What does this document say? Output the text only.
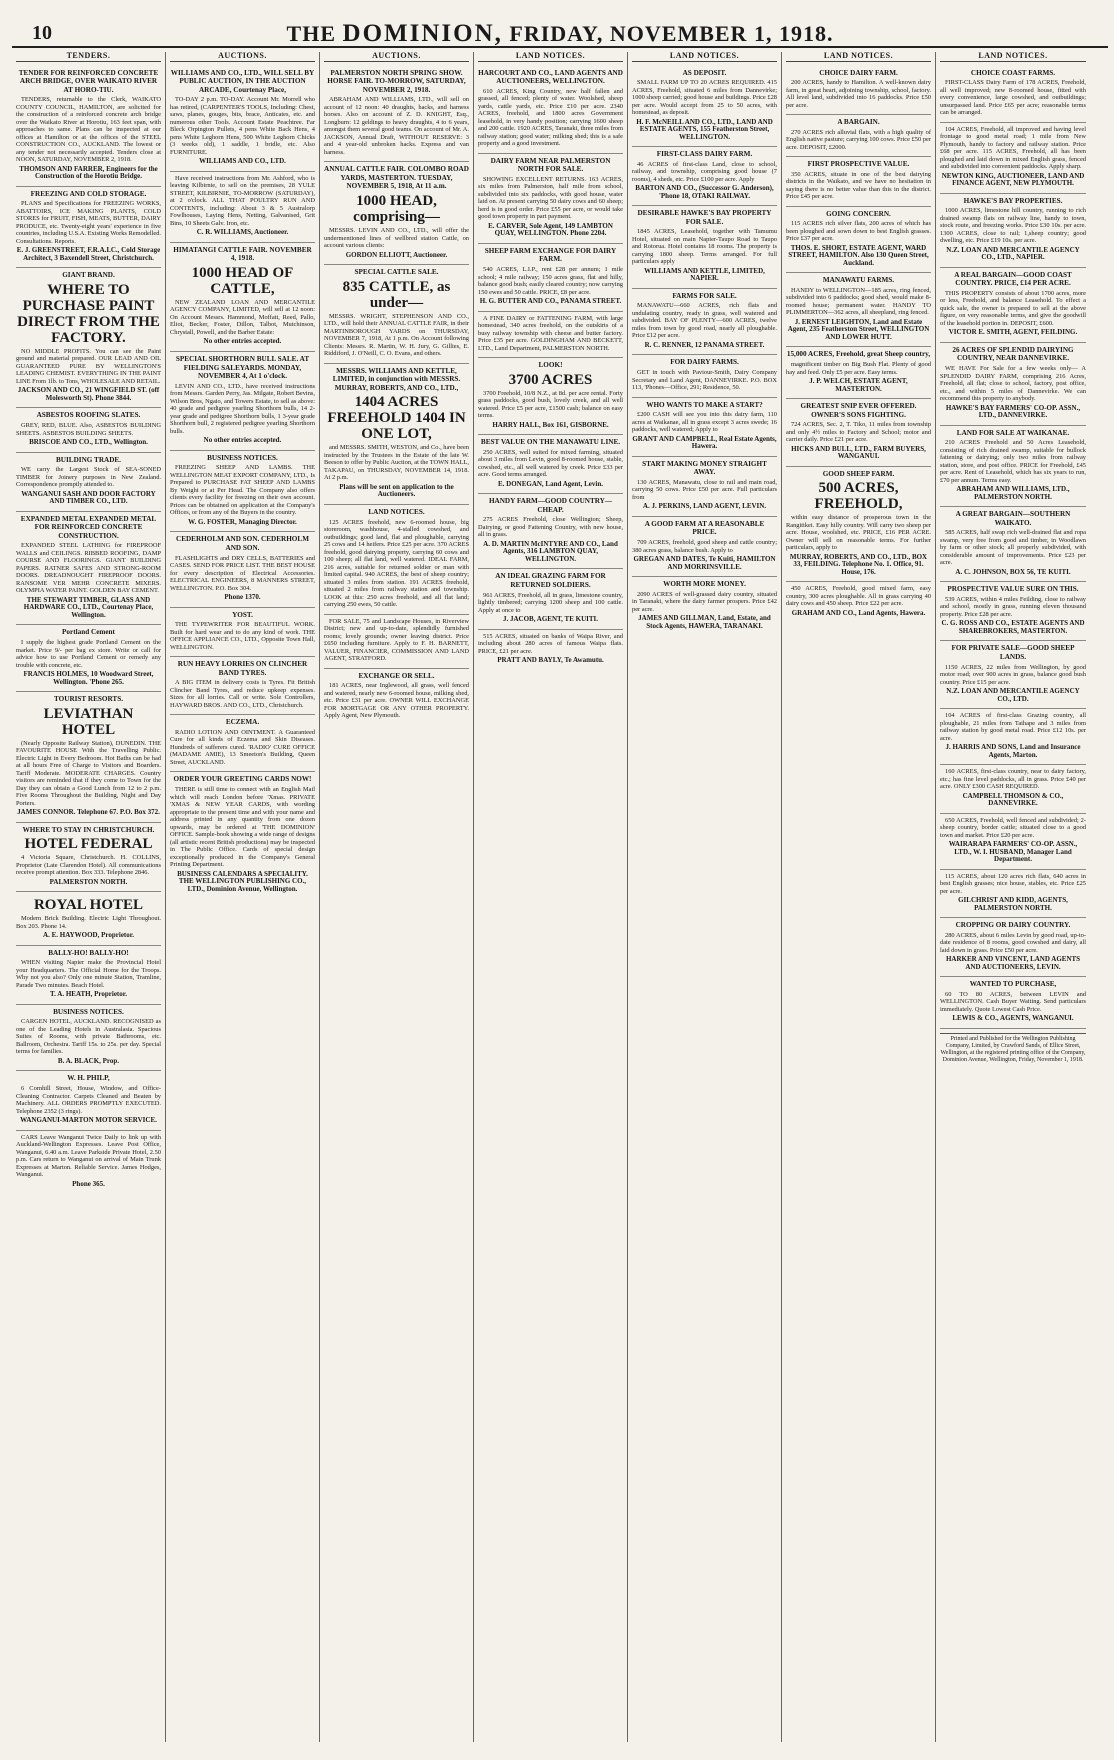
10	THE DOMINION, FRIDAY, NOVEMBER 1, 1918.
TENDERS.
TENDER FOR REINFORCED CONCRETE ARCH BRIDGE, OVER WAIKATO RIVER AT HORO-TIU.
TENDERS, returnable to the Clerk, WAIKATO COUNTY COUNCIL, HAMILTON, are solicited for the construction of a reinforced concrete arch bridge over the Waikato River at Horotiu, 163 feet span, with approaches to same. Plans can be inspected at our offices at Hamilton or at the offices of the STEEL CONSTRUCTION CO., AUCKLAND. The lowest or any tender not necessarily accepted. Tenders close at NOON, SATURDAY, NOVEMBER 2, 1918.
THOMSON AND FARRER, Engineers for the Construction of the Horotiu Bridge.
FREEZING AND COLD STORAGE.
PLANS and Specifications for FREEZING WORKS, ABATTOIRS, ICE MAKING PLANTS, COLD STORES for FRUIT, FISH, MEATS, BUTTER, DAIRY PRODUCE, etc. Twenty-eight years' experience in five countries, including U.S.A. Existing Works Remodelled. Consultations. Reports.
E. J. GREENSTREET, F.R.A.I.C., Cold Storage Architect, 3 Baxendell Street, Christchurch.
GIANT BRAND.
WHERE TO PURCHASE PAINT DIRECT FROM THE FACTORY.
NO MIDDLE PROFITS. You can see the Paint ground and material prepared. OUR LEAD AND OIL GUARANTEED PURE BY WELLINGTON'S LEADING CHEMIST. EVERYTHING IN THE PAINT LINE From 1lb. to Tons, WHOLESALE AND RETAIL.
JACKSON AND CO., 21 WINGFIELD ST. (off Molesworth St). Phone 3844.
ASBESTOS ROOFING SLATES.
GREY, RED, BLUE. Also, ASBESTOS BUILDING SHEETS. ASBESTOS BUILDING SHEETS.
BRISCOE AND CO., LTD., Wellington.
BUILDING TRADE.
WE carry the Largest Stock of SEA-SONED TIMBER for Joinery purposes in New Zealand. Correspondence promptly attended to.
WANGANUI SASH AND DOOR FACTORY AND TIMBER CO., LTD.
EXPANDED METAL EXPANDED METAL FOR REINFORCED CONCRETE CONSTRUCTION.
EXPANDED STEEL LATHING for FIREPROOF WALLS and CEILINGS. RIBBED ROOFING, DAMP COURSE AND FLOORINGS. GIANT BUILDING PAPERS. RATNER SAFES AND STRONG-ROOM DOORS. DREADNOUGHT FIREPROOF DOORS. RANSOME VER MEHR CONCRETE MIXERS. OLYMPIA WATER PAINT. GOLDEN BAY CEMENT.
THE STEWART TIMBER, GLASS AND HARDWARE CO., LTD., Courtenay Place, Wellington.
Portland Cement
I supply the highest grade Portland Cement on the market. Price 9/- per bag ex store. Write or call for advice how to use Portland Cement or remedy any trouble with concrete, etc.
FRANCIS HOLMES, 10 Woodward Street, Wellington. 'Phone 265.
TOURIST RESORTS.
LEVIATHAN HOTEL
(Nearly Opposite Railway Station), DUNEDIN. THE FAVOURITE HOUSE With the Travelling Public. Electric Light in Every Bedroom. Hot Baths can be had at all hours Free of Charge to Visitors and Boarders. Tariff Moderate. MODERATE CHARGES. Country visitors are reminded that if they come to Town for the Day they can obtain a Good Lunch from 12 to 2 p.m. Five Rooms Throughout the Building, Night and Day Porters.
JAMES CONNOR. Telephone 67. P.O. Box 372.
WHERE TO STAY IN CHRISTCHURCH.
HOTEL FEDERAL
4 Victoria Square, Christchurch. H. COLLINS, Proprietor (Late Clarendon Hotel). All communications receive prompt attention. Box 333. Telephone 2846.
PALMERSTON NORTH.
ROYAL HOTEL
Modern Brick Building. Electric Light Throughout. Box 203. Phone 14.
A. E. HAYWOOD, Proprietor.
BALLY-HO! BALLY-HO!
WHEN visiting Napier make the Provincial Hotel your Headquarters. The Official Home for the Troops. Why not you also? Only one minute Station, Tramline, Parade Two minutes. Beach Hotel.
T. A. HEATH, Proprietor.
BUSINESS NOTICES.
CARGEN HOTEL, AUCKLAND. RECOGNISED as one of the Leading Hotels in Australasia. Spacious Suites of Rooms, with private Bathrooms, etc. Ballroom, Orchestra. Tariff 15s. to 25s. per day. Special terms for families.
B. A. BLACK, Prop.
W. H. PHILP,
6 Cornhill Street, House, Window, and Office-Cleaning Contractor. Carpets Cleaned and Beaten by Machinery. ALL ORDERS PROMPTLY EXECUTED. Telephone 2352 (3 rings).
WANGANUI-MARTON MOTOR SERVICE.
CARS Leave Wanganui Twice Daily to link up with Auckland-Wellington Expresses. Leave Post Office, Wanganui, 6.40 a.m. Leave Parkside Private Hotel, 2.50 p.m. Cars return to Wanganui on arrival of Main Trunk Expresses at Marton. Reliable Service. James Hodges, Wanganui.
Phone 365.
AUCTIONS.
WILLIAMS AND CO., LTD., WILL SELL BY PUBLIC AUCTION, IN THE AUCTION ARCADE, Courtenay Place,
TO-DAY 2 p.m. TO-DAY. Account Mr. Morrell who has retired, (CARPENTER'S TOOLS, Including: Chest, saws, planes, gouges, bits, brace, Anticates, etc. and numerous other Tools. Account Estate Peachtree. Far Bleck Orpington Pullets, 4 pens White Back Hens, 4 pens White Leghorn Hens, 500 White Leghorn Chicks (3 weeks old), 1 saddle, 1 bridle, etc. Also FURNITURE.
WILLIAMS AND CO., LTD.
Have received instructions from Mr. Ashford, who is leaving Kilbirnie, to sell on the premises, 28 YULE STREET, KILBIRNIE, TO-MORROW (SATURDAY), at 2 o'clock. ALL THAT POULTRY RUN AND CONTENTS, including: About 3 & 5 Australorp Fowlhouses, Laying Hens, Netting, Galvanised, Grit Bins, 10 Sheets Galv. Iron, etc.
C. R. WILLIAMS, Auctioneer.
HIMATANGI CATTLE FAIR. NOVEMBER 4, 1918.
1000 HEAD OF CATTLE,
NEW ZEALAND LOAN AND MERCANTILE AGENCY COMPANY, LIMITED, will sell at 12 noon: On Account Messrs. Hammond, Moffatt, Reed, Pallo, Eliot, Becker, Foster, Dillon, Talbot, Mutchinson, Chrystall, Powell, and the Barber Estate:
No other entries accepted.
SPECIAL SHORTHORN BULL SALE. AT FIELDING SALEYARDS. MONDAY, NOVEMBER 4, At 1 o'clock.
LEVIN AND CO., LTD., have received instructions from Messrs. Garden Perry, Jas. Milgate, Robert Bevins, Wilson Bros, Ngaio, and Towers Estate, to sell as above: 40 grade and pedigree yearling Shorthorn bulls, 14 2-year grade and pedigree Shorthorn bulls, 1 3-year grade Shorthorn bull, 2 registered pedigree yearling Shorthorn bulls.
No other entries accepted.
BUSINESS NOTICES.
FREEZING SHEEP AND LAMBS. THE WELLINGTON MEAT EXPORT COMPANY, LTD., Is Prepared to PURCHASE FAT SHEEP AND LAMBS By Weight or at Per Head. The Company also offers clients every facility for freezing on their own account. Prices can be obtained on application at the Company's Offices, or from any of the Buyers in the country.
W. G. FOSTER, Managing Director.
CEDERHOLM AND SON. CEDERHOLM AND SON.
FLASHLIGHTS and DRY CELLS, BATTERIES and CASES. SEND FOR PRICE LIST. THE BEST HOUSE for every description of Electrical Accessories. ELECTRICAL ENGINEERS, 8 MANNERS STREET, WELLINGTON. P.O. Box 304.
Phone 1370.
YOST.
THE TYPEWRITER FOR BEAUTIFUL WORK. Built for hard wear and to do any kind of work. THE OFFICE APPLIANCE CO., LTD., Opposite Town Hall, WELLINGTON.
RUN HEAVY LORRIES ON CLINCHER BAND TYRES.
A BIG ITEM in delivery costs is Tyres. Fit British Clincher Band Tyres, and reduce upkeep expenses. Sizes for all lorries. Call or write. Sole Controllers, HAYWARD BROS. AND CO., LTD., Christchurch.
ECZEMA.
RADIO LOTION AND OINTMENT. A Guaranteed Cure for all kinds of Eczema and Skin Diseases. Hundreds of sufferers cured. 'RADIO' CURE OFFICE (MADAME AMIE), 13 Smeeton's Building, Queen Street, AUCKLAND.
ORDER YOUR GREETING CARDS NOW!
THERE is still time to connect with an English Mail which will reach London before 'Xmas. PRIVATE 'XMAS & NEW YEAR CARDS, with wording appropriate to the present time and with your name and address printed in any quantity from one dozen upwards, may be ordered at 'THE DOMINION' OFFICE. Sample-book showing a wide range of designs (all artistic recent British productions) may be inspected in The Public Office. Cards of special design exceptionally produced in the Company's General Printing Department.
BUSINESS CALENDARS A SPECIALITY. THE WELLINGTON PUBLISHING CO., LTD., Dominion Avenue, Wellington.
AUCTIONS.
PALMERSTON NORTH SPRING SHOW. HORSE FAIR. TO-MORROW, SATURDAY, NOVEMBER 2, 1918.
ABRAHAM AND WILLIAMS, LTD., will sell on account of 12 noon: 40 draughts, hacks, and harness horses. Also on account of Z. D. KNIGHT, Esq., Longburn: 12 geldings to heavy draughts, 4 to 6 years, amongst them several good teams. On account of Mr. A. JACKSON, Annual Draft, WITHOUT RESERVE: 3 and 4 year-old unbroken hacks. Express and van harness.
ANNUAL CATTLE FAIR. COLOMBO ROAD YARDS, MASTERTON. TUESDAY, NOVEMBER 5, 1918, At 11 a.m.
1000 HEAD, comprising—
MESSRS. LEVIN AND CO., LTD., will offer the undermentioned lines of wellbred station Cattle, on account various clients:
GORDON ELLIOTT, Auctioneer.
SPECIAL CATTLE SALE.
835 CATTLE, as under—
MESSRS. WRIGHT, STEPHENSON AND CO., LTD., will hold their ANNUAL CATTLE FAIR, in their MARTINBOROUGH YARDS on THURSDAY, NOVEMBER 7, 1918, At 1 p.m. On Account following Clients: Messrs. R. Martin, W. H. Jury, G. Gillies, E. Riddiford, J. O'Neill, C. O. Evans, and others.
MESSRS. WILLIAMS AND KETTLE, LIMITED, in conjunction with MESSRS. MURRAY, ROBERTS, AND CO., LTD.,
1404 ACRES FREEHOLD 1404 IN ONE LOT,
and MESSRS. SMITH, WESTON, and Co., have been instructed by the Trustees in the Estate of the late W. Beeson to offer by Public Auction, at the TOWN HALL, TAKAPAU, on THURSDAY, NOVEMBER 14, 1918. At 2 p.m.
Plans will be sent on application to the Auctioneers.
LAND NOTICES.
125 ACRES freehold, new 6-roomed house, big storeroom, washhouse, 4-stalled cowshed, and outbuildings; good land, flat and ploughable, carrying 25 cows and 14 heifers. Price £25 per acre. 370 ACRES freehold, good dairying property, carrying 60 cows and 100 sheep; all flat land, well watered. IDEAL FARM, 216 acres, suitable for returned soldier or man with limited capital. 940 ACRES, the best of sheep country; situated 3 miles from station. 191 ACRES freehold, situated 2 miles from railway station and township. LOOK at this: 250 acres freehold, and all flat land; carrying 250 ewes, 50 cattle.
FOR SALE, 75 and Landscape Houses, in Riverview District; new and up-to-date, splendidly furnished rooms; lovely grounds; owner leaving district. Price £650 including furniture. Apply to F. H. BARNETT, VALUER, FINANCIER, COMMISSION AND LAND AGENT, STRATFORD.
EXCHANGE OR SELL.
181 ACRES, near Inglewood, all grass, well fenced and watered, nearly new 6-roomed house, milking shed, etc. Price £31 per acre. OWNER WILL EXCHANGE FOR MORTGAGE OR ANY OTHER PROPERTY. Apply Agent, New Plymouth.
LAND NOTICES.
HARCOURT AND CO., LAND AGENTS AND AUCTIONEERS, WELLINGTON.
610 ACRES, King Country, new half fallen and grassed, all fenced; plenty of water. Woolshed, sheep yards, cattle yards, etc. Price £10 per acre. 2340 ACRES, freehold, and 1800 acres Government leasehold, in very handy position; carrying 1600 sheep and 200 cattle. 1920 ACRES, Taranaki, three miles from railway station; good water; milking shed; this is a safe property and a good investment.
DAIRY FARM NEAR PALMERSTON NORTH FOR SALE.
SHOWING EXCELLENT RETURNS. 163 ACRES, six miles from Palmerston, half mile from school, subdivided into six paddocks, with good house, water laid on. At present carrying 50 dairy cows and 60 sheep; herd is in good order. Price £55 per acre, or would take good town property in part payment.
E. CARVER, Sole Agent, 149 LAMBTON QUAY, WELLINGTON. Phone 2204.
SHEEP FARM EXCHANGE FOR DAIRY FARM.
540 ACRES, L.I.P., rent £28 per annum; 1 mile school; 4 mile railway; 150 acres grass, flat and hilly, balance good bush; easily cleared country; now carrying 150 ewes and 50 cattle. PRICE, £8 per acre.
H. G. BUTTER AND CO., PANAMA STREET.
A FINE DAIRY or FATTENING FARM, with large homestead, 340 acres freehold, on the outskirts of a busy railway township with cheese and butter factory. Price £35 per acre. GOLDINGHAM AND BECKETT, LTD., Land Department, PALMERSTON NORTH.
LOOK!
3700 ACRES
3700 Freehold, 10/8 N.Z., at 8d. per acre rental. Forty grass paddocks, good bush, lovely creek, and all well watered. Price £5 per acre, £1500 cash; balance on easy terms.
HARRY HALL, Box 161, GISBORNE.
BEST VALUE ON THE MANAWATU LINE.
250 ACRES, well suited for mixed farming, situated about 3 miles from Levin, good 8-roomed house, stable, cowshed, etc., all well watered by creek. Price £33 per acre. Good terms arranged.
E. DONEGAN, Land Agent, Levin.
HANDY FARM—GOOD COUNTRY—CHEAP.
275 ACRES Freehold, close Wellington; Sheep, Dairying, or good Fattening Country, with new house, all in grass.
A. D. MARTIN McINTYRE AND CO., Land Agents, 316 LAMBTON QUAY, WELLINGTON.
AN IDEAL GRAZING FARM FOR RETURNED SOLDIERS.
961 ACRES, Freehold, all in grass, limestone country, lightly timbered; carrying 1200 sheep and 100 cattle. Apply at once to
J. JACOB, AGENT, TE KUITI.
515 ACRES, situated on banks of Waipa River, and including about 280 acres of famous Waipa flats. PRICE, £21 per acre.
PRATT AND BAYLY, Te Awamutu.
LAND NOTICES.
AS DEPOSIT.
SMALL FARM UP TO 20 ACRES REQUIRED. 415 ACRES, Freehold, situated 6 miles from Dannevirke; 1000 sheep carried; good house and buildings. Price £28 per acre. Would accept from 25 to 50 acres, with homestead, as deposit.
H. F. McNEILL AND CO., LTD., LAND AND ESTATE AGENTS, 155 Featherston Street, WELLINGTON.
FIRST-CLASS DAIRY FARM.
46 ACRES of first-class Land, close to school, railway, and township, comprising good house (7 rooms), 4 sheds, etc. Price £100 per acre. Apply
BARTON AND CO., (Successor G. Anderson), 'Phone 18, OTAKI RAILWAY.
DESIRABLE HAWKE'S BAY PROPERTY FOR SALE.
1845 ACRES, Leasehold, together with Tamumu Hotel, situated on main Napier-Taupo Road to Taupo and Rotorua. Hotel contains 18 rooms. The property is carrying 1800 sheep. Terms arranged. For full particulars apply
WILLIAMS AND KETTLE, LIMITED, NAPIER.
FARMS FOR SALE.
MANAWATU—660 ACRES, rich flats and undulating country, ready in grass, well watered and subdivided. BAY OF PLENTY—600 ACRES, twelve miles from town by good road, nearly all ploughable. Price £12 per acre.
R. C. RENNER, 12 PANAMA STREET.
FOR DAIRY FARMS.
GET in touch with Paviour-Smith, Dairy Company Secretary and Land Agent, DANNEVIRKE. P.O. BOX 113, 'Phones—Office, 291; Residence, 50.
WHO WANTS TO MAKE A START?
£200 CASH will see you into this dairy farm, 110 acres at Waikanae, all in grass except 3 acres swede; 16 paddocks, well watered; Apply to
GRANT AND CAMPBELL, Real Estate Agents, Hawera.
START MAKING MONEY STRAIGHT AWAY.
130 ACRES, Manawatu, close to rail and main road, carrying 50 cows. Price £50 per acre. Full particulars from
A. J. PERKINS, LAND AGENT, LEVIN.
A GOOD FARM AT A REASONABLE PRICE.
709 ACRES, freehold, good sheep and cattle country; 380 acres grass, balance bush. Apply to
GREGAN AND DATES, Te Kuiti, HAMILTON AND MORRINSVILLE.
WORTH MORE MONEY.
2090 ACRES of well-grassed dairy country, situated in Taranaki, where the dairy farmer prospers. Price £42 per acre.
JAMES AND GILLMAN, Land, Estate, and Stock Agents, HAWERA, TARANAKI.
LAND NOTICES.
CHOICE DAIRY FARM.
200 ACRES, handy to Hamilton. A well-known dairy farm, in great heart, adjoining township, school, factory. All level land, subdivided into 16 paddocks. Price £50 per acre.
A BARGAIN.
270 ACRES rich alluvial flats, with a high quality of English native pasture; carrying 100 cows. Price £50 per acre. DEPOSIT, £2000.
FIRST PROSPECTIVE VALUE.
350 ACRES, situate in one of the best dairying districts in the Waikato, and we have no hesitation in saying there is no better value than this in the district. Price £45 per acre.
GOING CONCERN.
115 ACRES rich silver flats, 200 acres of which has been ploughed and sown down to best English grasses. Price £37 per acre.
THOS. E. SHORT, ESTATE AGENT, WARD STREET, HAMILTON. Also 130 Queen Street, Auckland.
MANAWATU FARMS.
HANDY to WELLINGTON—185 acres, ring fenced, subdivided into 6 paddocks; good shed, would make 8-roomed house; permanent water. HANDY TO PLIMMERTON—362 acres, all sheepland, ring fenced.
J. ERNEST LEIGHTON, Land and Estate Agent, 235 Featherston Street, WELLINGTON AND LOWER HUTT.
15,000 ACRES, Freehold, great Sheep country,
magnificent timber on Big Bush Flat. Plenty of good hay and feed. Only £5 per acre. Easy terms.
J. P. WELCH, ESTATE AGENT, MASTERTON.
GREATEST SNIP EVER OFFERED. OWNER'S SONS FIGHTING.
724 ACRES, Sec. 2, T. Tiko, 11 miles from township and only 4½ miles to Factory and School; motor and carrier daily. Price £21 per acre.
HICKS AND BULL, LTD., FARM BUYERS, WANGANUI.
GOOD SHEEP FARM.
500 ACRES, FREEHOLD,
within easy distance of prosperous town in the Rangitikei. Easy hilly country. Will carry two sheep per acre. House, woolshed, etc. PRICE, £16 PER ACRE. Owner will sell on reasonable terms. For further particulars, apply to
MURRAY, ROBERTS, AND CO., LTD., BOX 33, FEILDING. Telephone No. 1. Office, 91. House, 176.
450 ACRES, Freehold, good mixed farm, easy country, 300 acres ploughable. All in grass carrying 40 dairy cows and 450 sheep. Price £22 per acre.
GRAHAM AND CO., Land Agents, Hawera.
LAND NOTICES.
CHOICE COAST FARMS.
FIRST-CLASS Dairy Farm of 178 ACRES, Freehold, all well improved; new 8-roomed house, fitted with every convenience, large cowshed, and outbuildings; unsurpassed land. Price £65 per acre; reasonable terms can be arranged.
104 ACRES, Freehold, all improved and having level frontage to good metal road; 1 mile from New Plymouth, handy to factory and railway station. Price £68 per acre. 115 ACRES, Freehold, all has been ploughed and laid down in mixed English grass, fenced and subdivided into convenient paddocks. Apply sharp.
NEWTON KING, AUCTIONEER, LAND AND FINANCE AGENT, NEW PLYMOUTH.
HAWKE'S BAY PROPERTIES.
1000 ACRES, limestone hill country, running to rich drained swamp flats on railway line, handy to town, stock route, and freezing works. Price £30 10s. per acre. 1300 ACRES, close to rail; 1,sheep country; good dwelling, etc. Price £19 10s. per acre.
N.Z. LOAN AND MERCANTILE AGENCY CO., LTD., NAPIER.
A REAL BARGAIN—GOOD COAST COUNTRY. PRICE, £14 PER ACRE.
THIS PROPERTY consists of about 1700 acres, more or less, Freehold, and balance Leasehold. To effect a quick sale, the owner is prepared to sell at the above figure, on very reasonable terms, and give the goodwill of the leasehold portion in. DEPOSIT, £600.
VICTOR E. SMITH, AGENT, FEILDING.
26 ACRES OF SPLENDID DAIRYING COUNTRY, NEAR DANNEVIRKE.
WE HAVE For Sale for a few weeks only— A SPLENDID DAIRY FARM, comprising 216 Acres, Freehold, all flat; close to school, factory, post office, etc., and within 5 miles of Dannevirke. We can recommend this property to anybody.
HAWKE'S BAY FARMERS' CO-OP. ASSN., LTD., DANNEVIRKE.
LAND FOR SALE AT WAIKANAE.
210 ACRES Freehold and 50 Acres Leasehold, consisting of rich drained swamp, suitable for bullock fattening or dairying; only two miles from railway station, store, and post office. PRICE for Freehold, £45 per acre. Rent of Leasehold, which has six years to run, £70 per annum. Terms easy.
ABRAHAM AND WILLIAMS, LTD., PALMERSTON NORTH.
A GREAT BARGAIN—SOUTHERN WAIKATO.
585 ACRES, half swap rich well-drained flat and ropa swamp, very free from good and timber, in Woodlawn by farm or other stock; all properly subdivided, with considerable amount of improvements. Price £23 per acre.
A. C. JOHNSON, BOX 56, TE KUITI.
PROSPECTIVE VALUE SURE ON THIS.
539 ACRES, within 4 miles Feilding, close to railway and school, mostly in grass, running eleven thousand property. Price £28 per acre.
C. G. ROSS AND CO., ESTATE AGENTS AND SHAREBROKERS, MASTERTON.
FOR PRIVATE SALE—GOOD SHEEP LANDS.
1150 ACRES, 22 miles from Wellington, by good motor road; over 900 acres in grass, balance good bush country. Price £15 per acre.
N.Z. LOAN AND MERCANTILE AGENCY CO., LTD.
104 ACRES of first-class Grazing country, all ploughable, 21 miles from Taihape and 3 miles from railway station by good metal road. Price £12 10s. per acre.
J. HARRIS AND SONS, Land and Insurance Agents, Marton.
160 ACRES, first-class country, near to dairy factory, etc.; has fine level paddocks, all in grass. Price £40 per acre. ONLY £300 CASH REQUIRED.
CAMPBELL THOMSON & CO., DANNEVIRKE.
650 ACRES, Freehold, well fenced and subdivided; 2-sheep country, border cattle; situated close to a good town and market. Price £20 per acre.
WAIRARAPA FARMERS' CO-OP. ASSN., LTD., W. I. HUSBAND, Manager Land Department.
115 ACRES, about 120 acres rich flats, 640 acres in best English grasses; nice house, stables, etc. Price £25 per acre.
GILCHRIST AND KIDD, AGENTS, PALMERSTON NORTH.
CROPPING OR DAIRY COUNTRY.
280 ACRES, about 6 miles Levin by good road, up-to-date residence of 8 rooms, good cowshed and dairy, all laid down in grass. Price £50 per acre.
HARKER AND VINCENT, LAND AGENTS AND AUCTIONEERS, LEVIN.
WANTED TO PURCHASE,
60 TO 80 ACRES, between LEVIN and WELLINGTON. Cash Buyer Waiting. Send particulars immediately. Quote Lowest Cash Price.
LEWIS & CO., AGENTS, WANGANUI.
Printed and Published for the Wellington Publishing Company, Limited, by Crawford Sands, of Ellice Street, Wellington, at the registered printing office of the Company, Dominion Avenue, Wellington, Friday, November 1, 1918.
